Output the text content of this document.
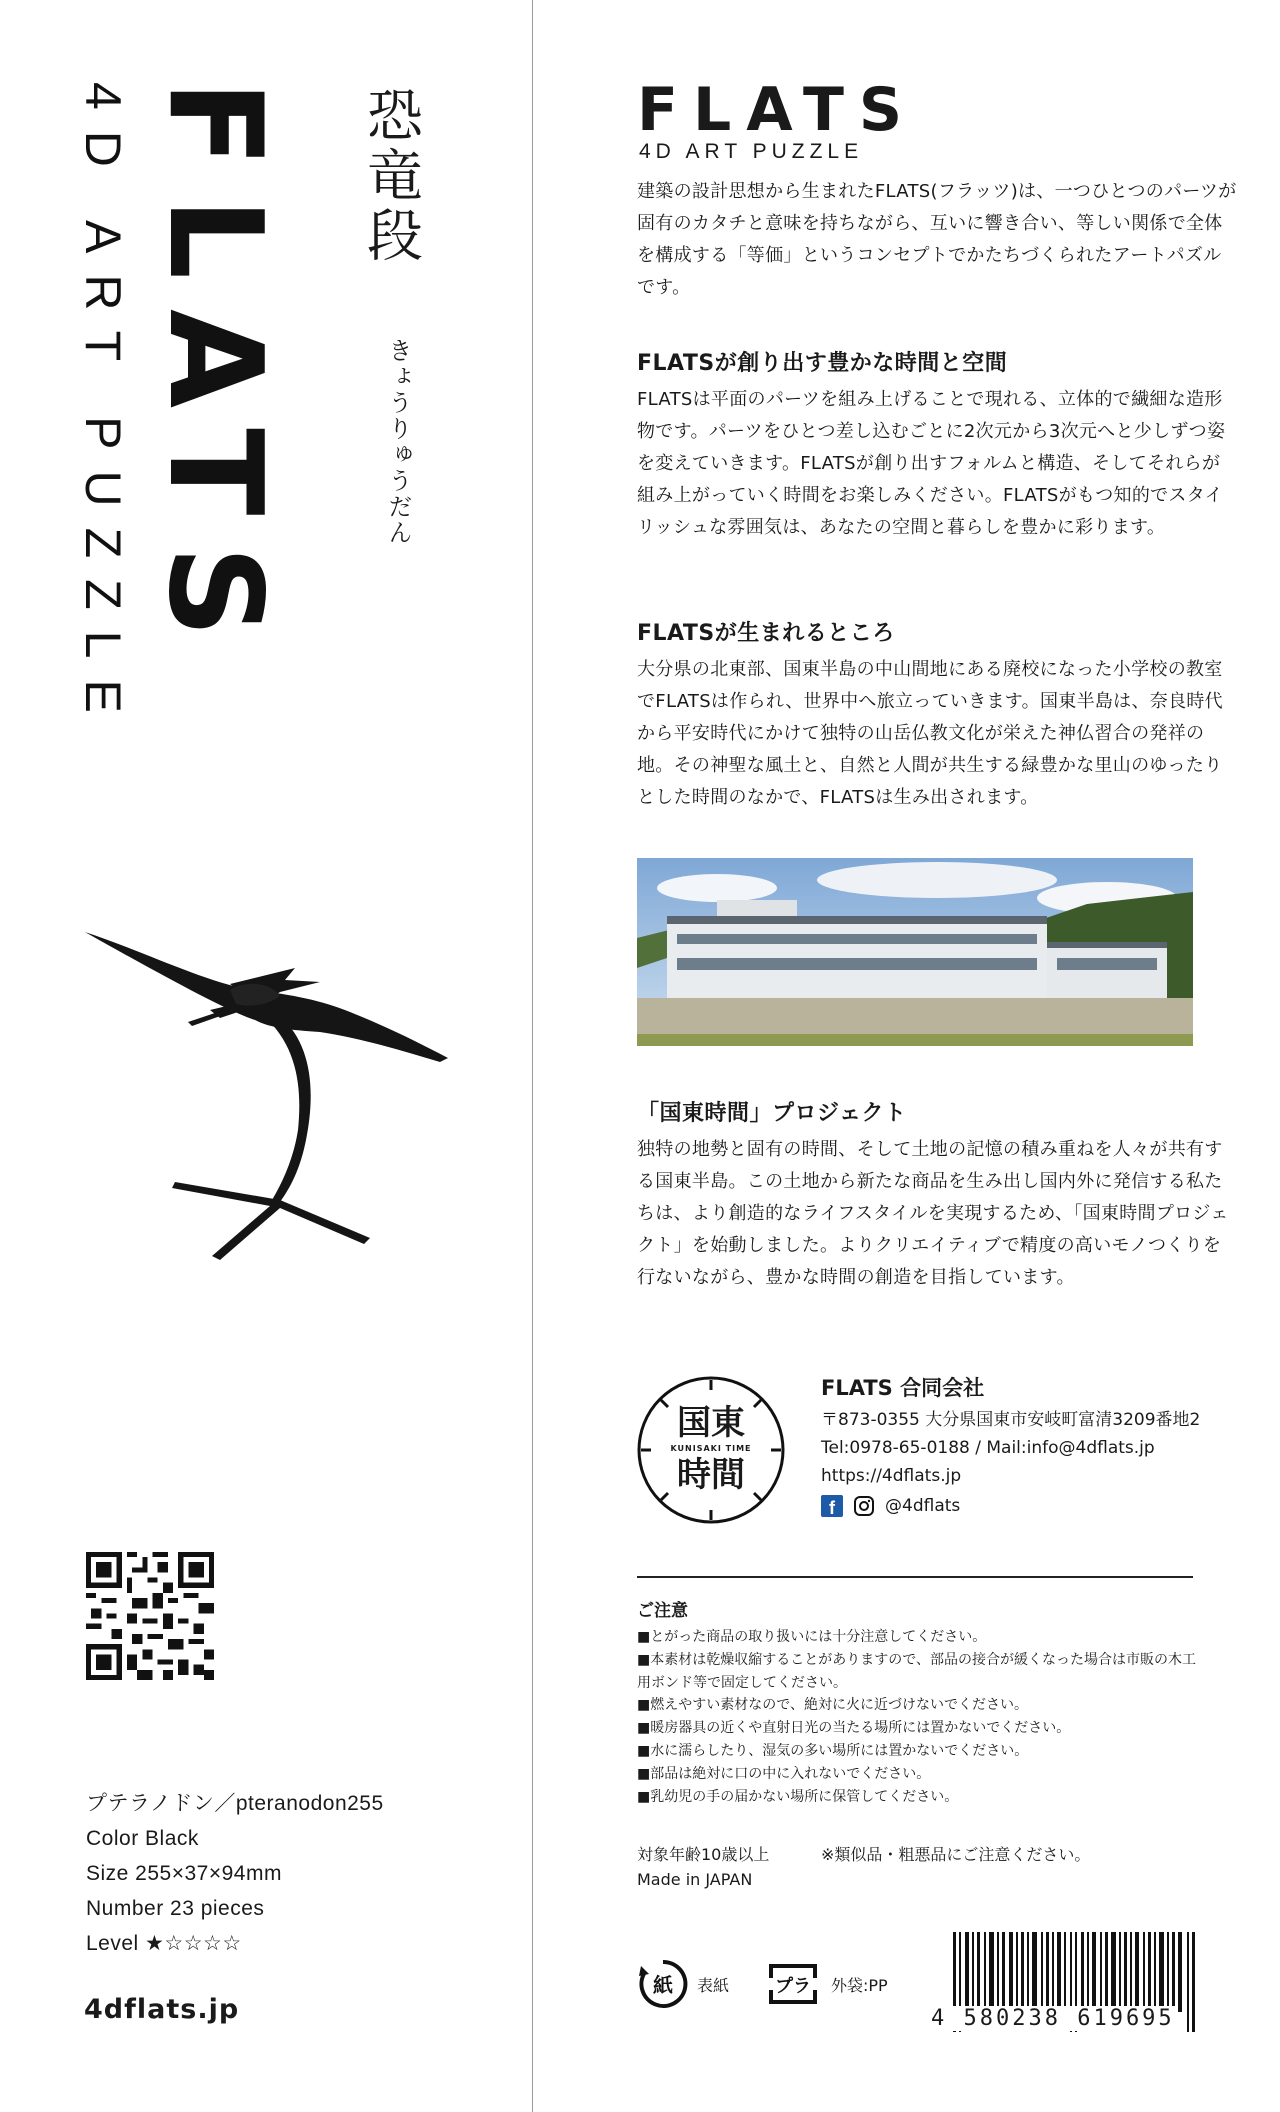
FLATS
4D ART PUZZLE	恐竜段
きょうりゅうだん
プテラノドン／pteranodon255
Color Black
Size 255×37×94mm
Number 23 pieces
Level ★☆☆☆☆
4dflats.jp
FLATS
4D ART PUZZLE
建築の設計思想から生まれたFLATS(フラッツ)は、一つひとつのパーツが固有のカタチと意味を持ちながら、互いに響き合い、等しい関係で全体を構成する「等価」というコンセプトでかたちづくられたアートパズルです。
FLATSが創り出す豊かな時間と空間
FLATSは平面のパーツを組み上げることで現れる、立体的で繊細な造形物です。パーツをひとつ差し込むごとに2次元から3次元へと少しずつ姿を変えていきます。FLATSが創り出すフォルムと構造、そしてそれらが組み上がっていく時間をお楽しみください。FLATSがもつ知的でスタイリッシュな雰囲気は、あなたの空間と暮らしを豊かに彩ります。
FLATSが生まれるところ
大分県の北東部、国東半島の中山間地にある廃校になった小学校の教室でFLATSは作られ、世界中へ旅立っていきます。国東半島は、奈良時代から平安時代にかけて独特の山岳仏教文化が栄えた神仏習合の発祥の地。その神聖な風土と、自然と人間が共生する緑豊かな里山のゆったりとした時間のなかで、FLATSは生み出されます。
「国東時間」プロジェクト
独特の地勢と固有の時間、そして土地の記憶の積み重ねを人々が共有する国東半島。この土地から新たな商品を生み出し国内外に発信する私たちは、より創造的なライフスタイルを実現するため、「国東時間プロジェクト」を始動しました。よりクリエイティブで精度の高いモノつくりを行ないながら、豊かな時間の創造を目指しています。
国東
KUNISAKI TIME
時間
FLATS 合同会社
〒873-0355 大分県国東市安岐町富清3209番地2
Tel:0978-65-0188 / Mail:info@4dflats.jp
https://4dflats.jp
f	@4dflats
ご注意
■とがった商品の取り扱いには十分注意してください。
■本素材は乾燥収縮することがありますので、部品の接合が緩くなった場合は市販の木工用ボンド等で固定してください。
■燃えやすい素材なので、絶対に火に近づけないでください。
■暖房器具の近くや直射日光の当たる場所には置かないでください。
■水に濡らしたり、湿気の多い場所には置かないでください。
■部品は絶対に口の中に入れないでください。
■乳幼児の手の届かない場所に保管してください。
対象年齢10歳以上
Made in JAPAN
※類似品・粗悪品にご注意ください。
紙 表紙	プラ 外袋:PP
4 580238 619695
